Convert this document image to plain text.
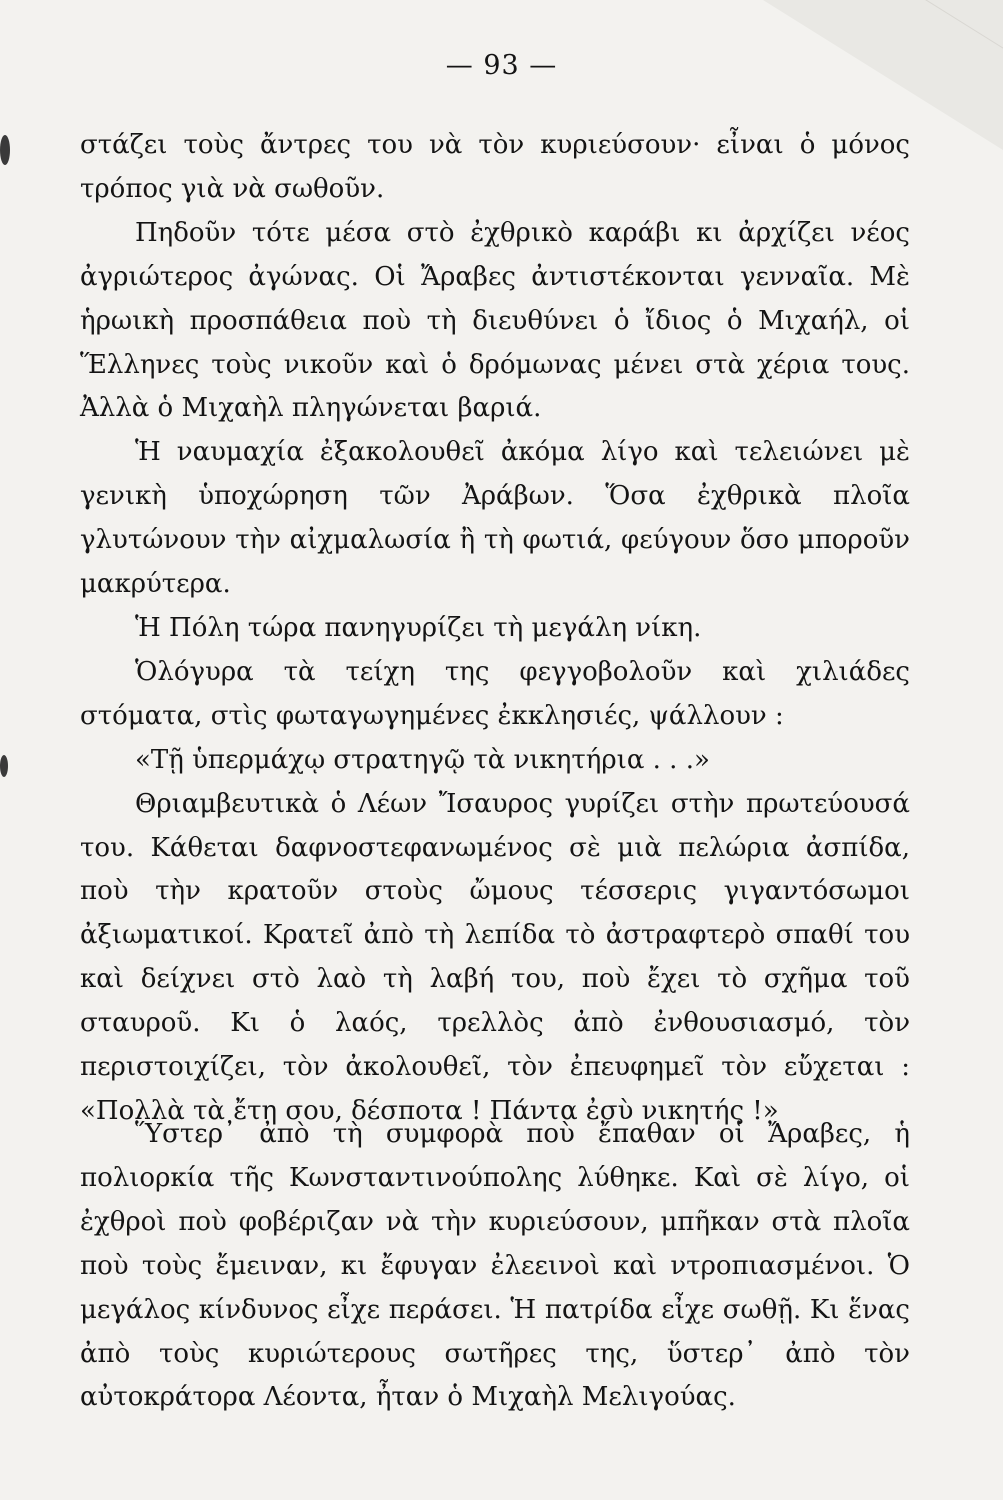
— 93 —

στάζει τοὺς ἄντρες του νὰ τὸν κυριεύσουν· εἶναι ὁ μόνος τρόπος γιὰ νὰ σωθοῦν.

Πηδοῦν τότε μέσα στὸ ἐχθρικὸ καράβι κι ἀρχίζει νέος ἀγριώτερος ἀγώνας. Οἱ Ἄραβες ἀντιστέκονται γενναῖα. Μὲ ἡρωικὴ προσπάθεια ποὺ τὴ διευθύνει ὁ ἴδιος ὁ Μιχαήλ, οἱ Ἕλληνες τοὺς νικοῦν καὶ ὁ δρόμωνας μένει στὰ χέρια τους. Ἀλλὰ ὁ Μιχαὴλ πληγώνεται βαριά.

Ἡ ναυμαχία ἐξακολουθεῖ ἀκόμα λίγο καὶ τελειώνει μὲ γενικὴ ὑποχώρηση τῶν Ἀράβων. Ὅσα ἐχθρικὰ πλοῖα γλυτώνουν τὴν αἰχμαλωσία ἢ τὴ φωτιά, φεύγουν ὅσο μποροῦν μακρύτερα.

Ἡ Πόλη τώρα πανηγυρίζει τὴ μεγάλη νίκη.

Ὁλόγυρα τὰ τείχη της φεγγοβολοῦν καὶ χιλιάδες στόματα, στὶς φωταγωγημένες ἐκκλησιές, ψάλλουν :

«Τῇ ὑπερμάχῳ στρατηγῷ τὰ νικητήρια . . .»

Θριαμβευτικὰ ὁ Λέων Ἴσαυρος γυρίζει στὴν πρωτεύουσά του. Κάθεται δαφνοστεφανωμένος σὲ μιὰ πελώρια ἀσπίδα, ποὺ τὴν κρατοῦν στοὺς ὤμους τέσσερις γιγαντόσωμοι ἀξιωματικοί. Κρατεῖ ἀπὸ τὴ λεπίδα τὸ ἀστραφτερὸ σπαθί του καὶ δείχνει στὸ λαὸ τὴ λαβή του, ποὺ ἔχει τὸ σχῆμα τοῦ σταυροῦ. Κι ὁ λαός, τρελλὸς ἀπὸ ἐνθουσιασμό, τὸν περιστοιχίζει, τὸν ἀκολουθεῖ, τὸν ἐπευφημεῖ τὸν εὔχεται : «Πολλὰ τὰ ἔτη σου, δέσποτα ! Πάντα ἐσὺ νικητής !»

Ὕστερ᾽ ἀπὸ τὴ συμφορὰ ποὺ ἔπαθαν οἱ Ἄραβες, ἡ πολιορκία τῆς Κωνσταντινούπολης λύθηκε. Καὶ σὲ λίγο, οἱ ἐχθροὶ ποὺ φοβέριζαν νὰ τὴν κυριεύσουν, μπῆκαν στὰ πλοῖα ποὺ τοὺς ἔμειναν, κι ἔφυγαν ἐλεεινοὶ καὶ ντροπιασμένοι. Ὁ μεγάλος κίνδυνος εἶχε περάσει. Ἡ πατρίδα εἶχε σωθῇ. Κι ἕνας ἀπὸ τοὺς κυριώτερους σωτῆρες της, ὕστερ᾽ ἀπὸ τὸν αὐτοκράτορα Λέοντα, ἦταν ὁ Μιχαὴλ Μελιγούας.
